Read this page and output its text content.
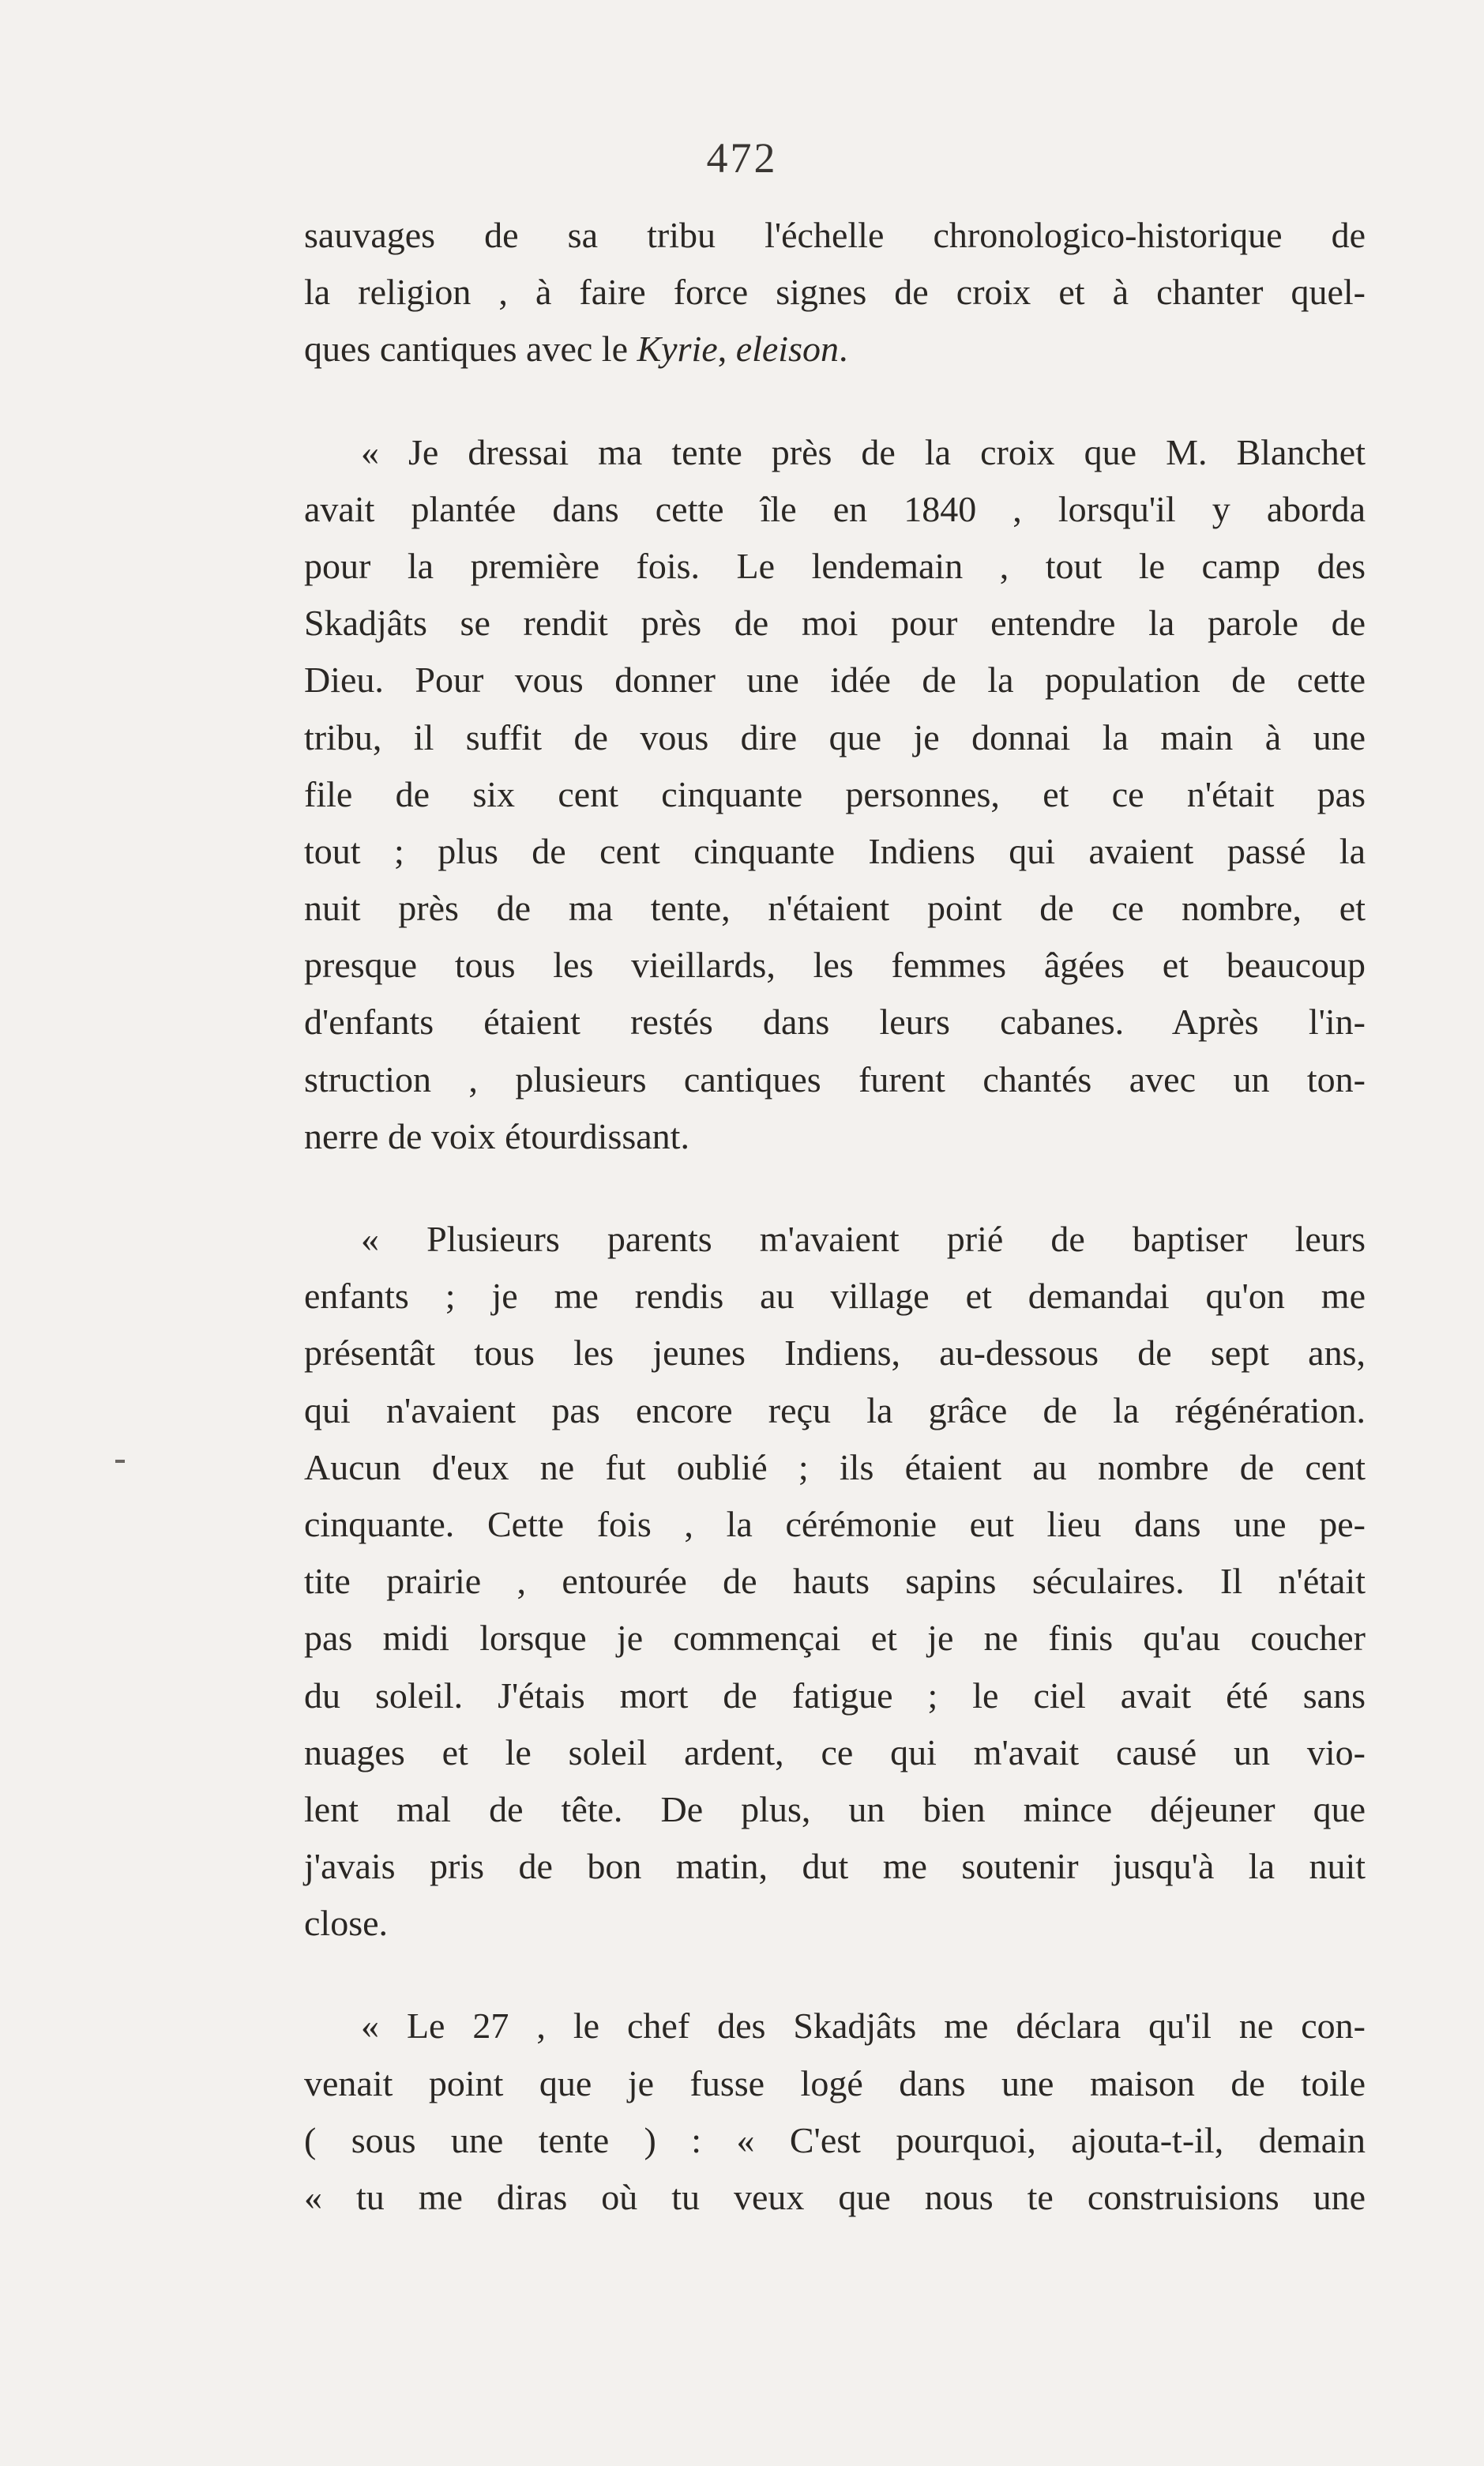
472
sauvages de sa tribu l'échelle chronologico-historique de
la religion , à faire force signes de croix et à chanter quel-
ques cantiques avec le Kyrie, eleison.
« Je dressai ma tente près de la croix que M. Blanchet
avait plantée dans cette île en 1840 , lorsqu'il y aborda
pour la première fois. Le lendemain , tout le camp des
Skadjâts se rendit près de moi pour entendre la parole de
Dieu. Pour vous donner une idée de la population de cette
tribu, il suffit de vous dire que je donnai la main à une
file de six cent cinquante personnes, et ce n'était pas
tout ; plus de cent cinquante Indiens qui avaient passé la
nuit près de ma tente, n'étaient point de ce nombre, et
presque tous les vieillards, les femmes âgées et beaucoup
d'enfants étaient restés dans leurs cabanes. Après l'in-
struction , plusieurs cantiques furent chantés avec un ton-
nerre de voix étourdissant.
« Plusieurs parents m'avaient prié de baptiser leurs
enfants ; je me rendis au village et demandai qu'on me
présentât tous les jeunes Indiens, au-dessous de sept ans,
qui n'avaient pas encore reçu la grâce de la régénération.
Aucun d'eux ne fut oublié ; ils étaient au nombre de cent
cinquante. Cette fois , la cérémonie eut lieu dans une pe-
tite prairie , entourée de hauts sapins séculaires. Il n'était
pas midi lorsque je commençai et je ne finis qu'au coucher
du soleil. J'étais mort de fatigue ; le ciel avait été sans
nuages et le soleil ardent, ce qui m'avait causé un vio-
lent mal de tête. De plus, un bien mince déjeuner que
j'avais pris de bon matin, dut me soutenir jusqu'à la nuit
close.
« Le 27 , le chef des Skadjâts me déclara qu'il ne con-
venait point que je fusse logé dans une maison de toile
( sous une tente ) : « C'est pourquoi, ajouta-t-il, demain
« tu me diras où tu veux que nous te construisions une
